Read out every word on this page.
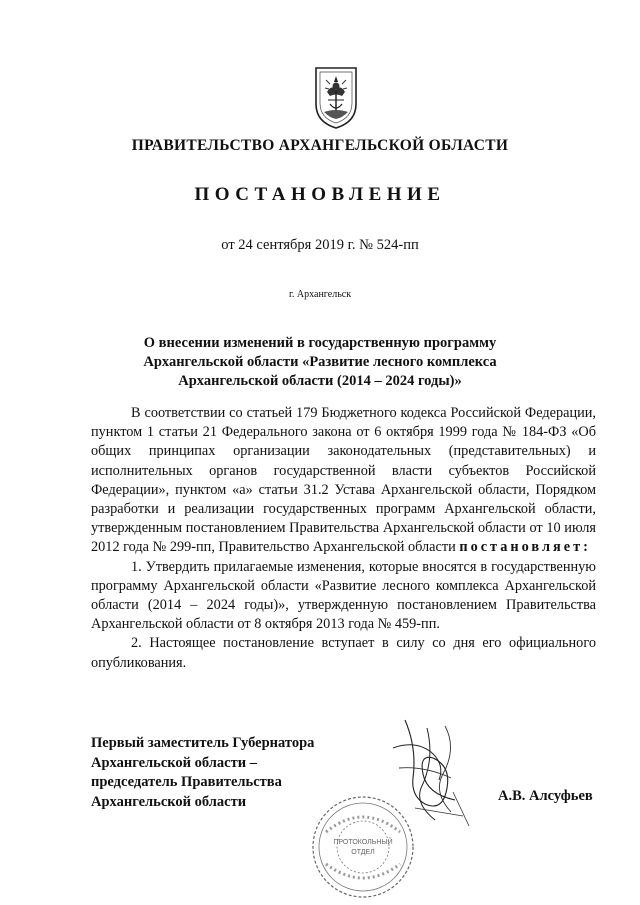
ПРАВИТЕЛЬСТВО АРХАНГЕЛЬСКОЙ ОБЛАСТИ
ПОСТАНОВЛЕНИЕ
от 24 сентября 2019 г. № 524-пп
г. Архангельск
О внесении изменений в государственную программу
Архангельской области «Развитие лесного комплекса
Архангельской области (2014 – 2024 годы)»

В соответствии со статьей 179 Бюджетного кодекса Российской Федерации, пунктом 1 статьи 21 Федерального закона от 6 октября 1999 года № 184-ФЗ «Об общих принципах организации законодательных (представительных) и исполнительных органов государственной власти субъектов Российской Федерации», пунктом «а» статьи 31.2 Устава Архангельской области, Порядком разработки и реализации государственных программ Архангельской области, утвержденным постановлением Правительства Архангельской области от 10 июля 2012 года № 299-пп, Правительство Архангельской области постановляет:

1. Утвердить прилагаемые изменения, которые вносятся в государственную программу Архангельской области «Развитие лесного комплекса Архангельской области (2014 – 2024 годы)», утвержденную постановлением Правительства Архангельской области от 8 октября 2013 года № 459-пп.

2. Настоящее постановление вступает в силу со дня его официального опубликования.

ПРОТОКОЛЬНЫЙ
ОТДЕЛ
Первый заместитель Губернатора
Архангельской области –
председатель Правительства
Архангельской области	А.В. Алсуфьев
